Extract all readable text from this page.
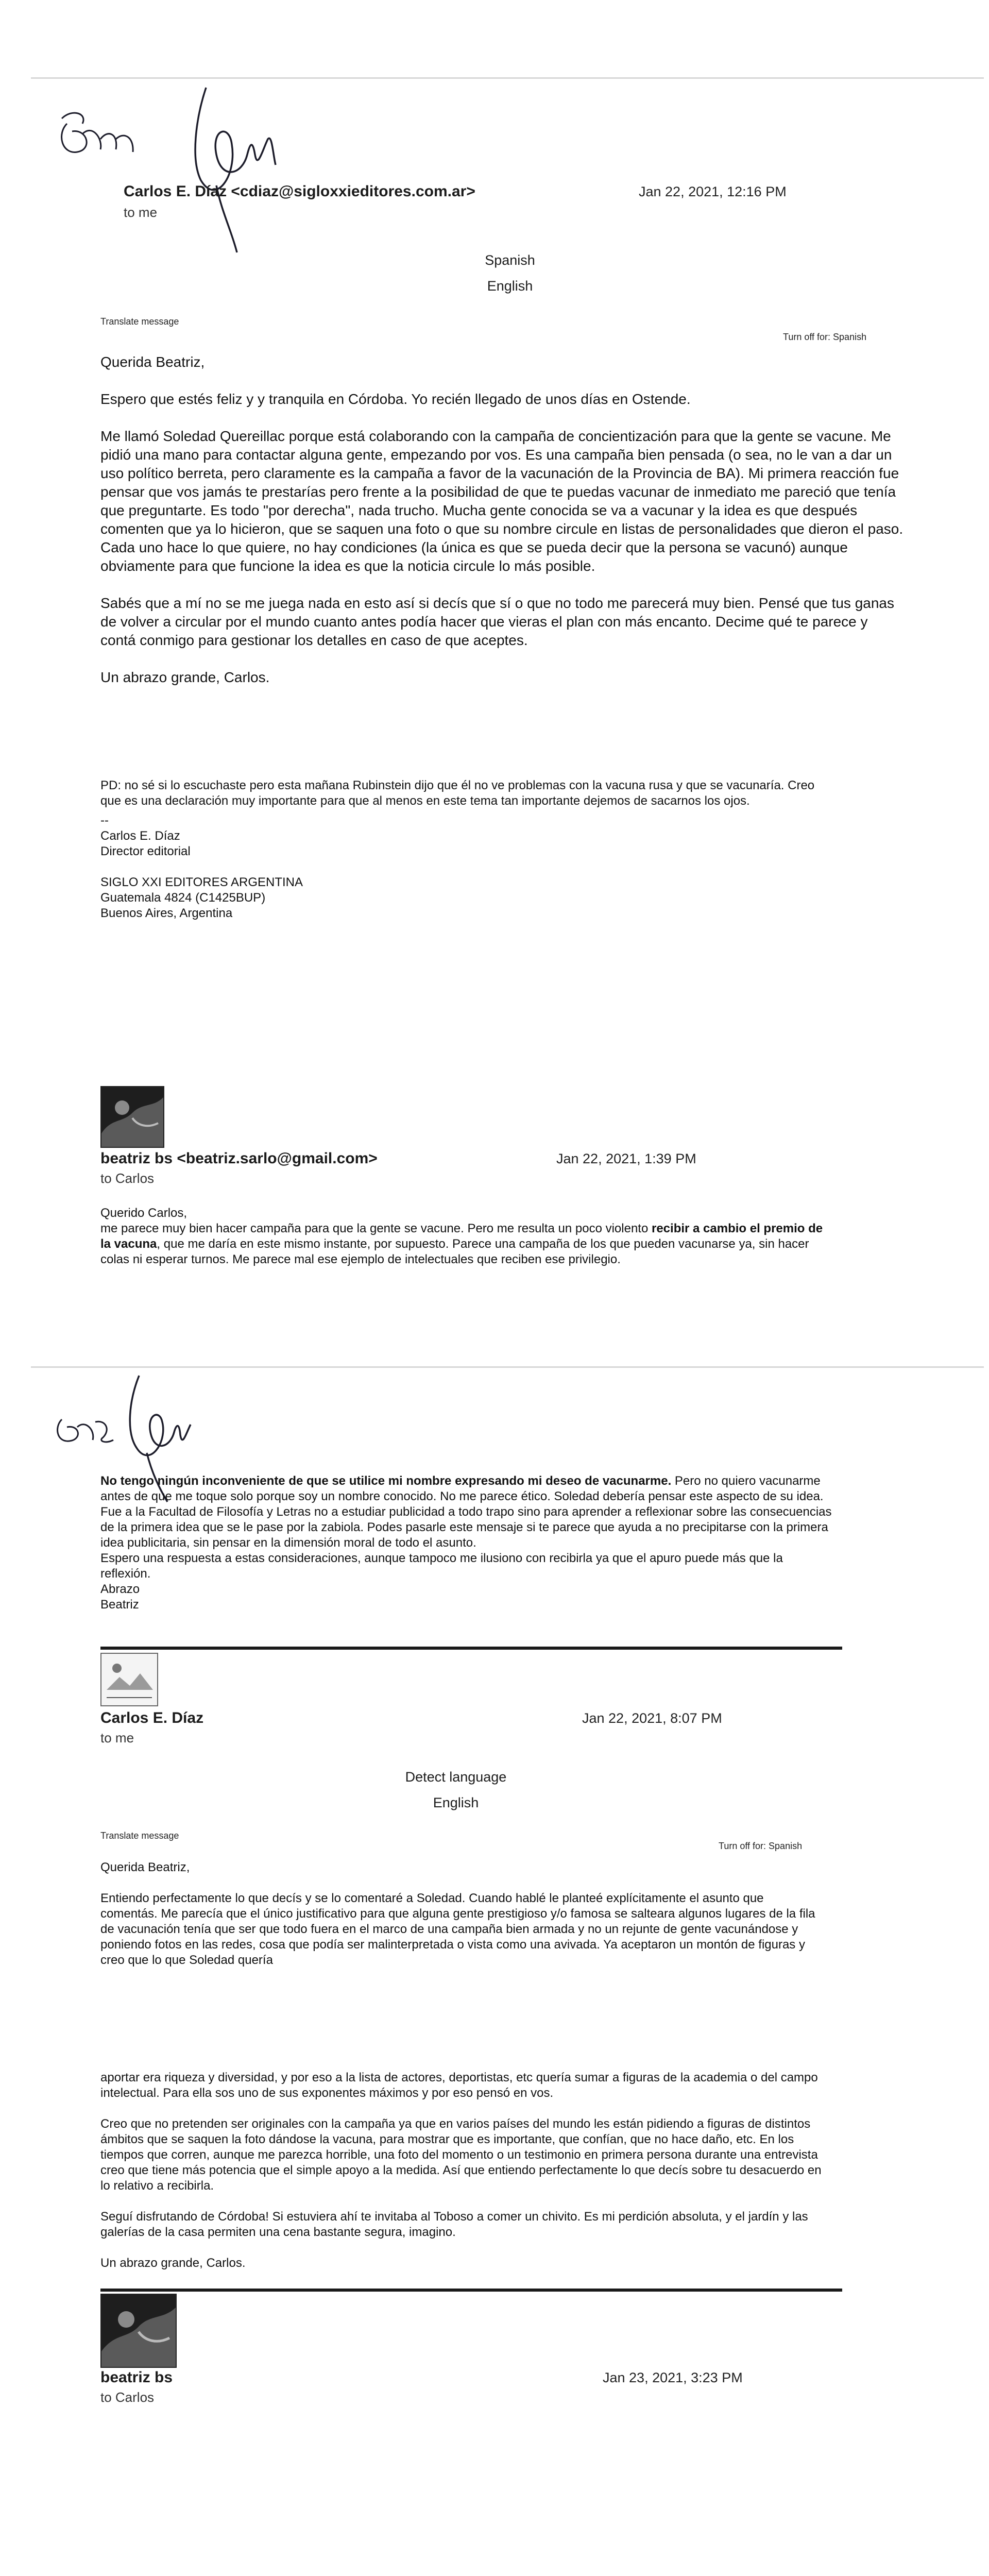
Carlos E. Díaz <cdiaz@sigloxxieditores.com.ar>	Jan 22, 2021, 12:16 PM
to me
Spanish
English
Translate message
Turn off for: Spanish

Querida Beatriz,

Espero que estés feliz y y tranquila en Córdoba. Yo recién llegado de unos días en Ostende.

Me llamó Soledad Quereillac porque está colaborando con la campaña de concientización para que la gente se vacune. Me pidió una mano para contactar alguna gente, empezando por vos. Es una campaña bien pensada (o sea, no le van a dar un uso político berreta, pero claramente es la campaña a favor de la vacunación de la Provincia de BA). Mi primera reacción fue pensar que vos jamás te prestarías pero frente a la posibilidad de que te puedas vacunar de inmediato me pareció que tenía que preguntarte. Es todo "por derecha", nada trucho. Mucha gente conocida se va a vacunar y la idea es que después comenten que ya lo hicieron, que se saquen una foto o que su nombre circule en listas de personalidades que dieron el paso. Cada uno hace lo que quiere, no hay condiciones (la única es que se pueda decir que la persona se vacunó) aunque obviamente para que funcione la idea es que la noticia circule lo más posible.

Sabés que a mí no se me juega nada en esto así si decís que sí o que no todo me parecerá muy bien. Pensé que tus ganas de volver a circular por el mundo cuanto antes podía hacer que vieras el plan con más encanto. Decime qué te parece y contá conmigo para gestionar los detalles en caso de que aceptes.

Un abrazo grande, Carlos.

PD: no sé si lo escuchaste pero esta mañana Rubinstein dijo que él no ve problemas con la vacuna rusa y que se vacunaría. Creo que es una declaración muy importante para que al menos en este tema tan importante dejemos de sacarnos los ojos.

--

Carlos E. Díaz

Director editorial

SIGLO XXI EDITORES ARGENTINA

Guatemala 4824 (C1425BUP)

Buenos Aires, Argentina

beatriz bs <beatriz.sarlo@gmail.com>	Jan 22, 2021, 1:39 PM
to Carlos

Querido Carlos,

me parece muy bien hacer campaña para que la gente se vacune. Pero me resulta un poco violento recibir a cambio el premio de la vacuna, que me daría en este mismo instante, por supuesto. Parece una campaña de los que pueden vacunarse ya, sin hacer colas ni esperar turnos. Me parece mal ese ejemplo de intelectuales que reciben ese privilegio.

No tengo ningún inconveniente de que se utilice mi nombre expresando mi deseo de vacunarme. Pero no quiero vacunarme antes de que me toque solo porque soy un nombre conocido. No me parece ético. Soledad debería pensar este aspecto de su idea. Fue a la Facultad de Filosofía y Letras no a estudiar publicidad a todo trapo sino para aprender a reflexionar sobre las consecuencias de la primera idea que se le pase por la zabiola. Podes pasarle este mensaje si te parece que ayuda a no precipitarse con la primera idea publicitaria, sin pensar en la dimensión moral de todo el asunto.

Espero una respuesta a estas consideraciones, aunque tampoco me ilusiono con recibirla ya que el apuro puede más que la reflexión.

Abrazo

Beatriz

Carlos E. Díaz	Jan 22, 2021, 8:07 PM
to me
Detect language
English
Translate message
Turn off for: Spanish

Querida Beatriz,

Entiendo perfectamente lo que decís y se lo comentaré a Soledad. Cuando hablé le planteé explícitamente el asunto que comentás. Me parecía que el único justificativo para que alguna gente prestigioso y/o famosa se salteara algunos lugares de la fila de vacunación tenía que ser que todo fuera en el marco de una campaña bien armada y no un rejunte de gente vacunándose y poniendo fotos en las redes, cosa que podía ser malinterpretada o vista como una avivada. Ya aceptaron un montón de figuras y creo que lo que Soledad quería

aportar era riqueza y diversidad, y por eso a la lista de actores, deportistas, etc quería sumar a figuras de la academia o del campo intelectual. Para ella sos uno de sus exponentes máximos y por eso pensó en vos.

Creo que no pretenden ser originales con la campaña ya que en varios países del mundo les están pidiendo a figuras de distintos ámbitos que se saquen la foto dándose la vacuna, para mostrar que es importante, que confían, que no hace daño, etc. En los tiempos que corren, aunque me parezca horrible, una foto del momento o un testimonio en primera persona durante una entrevista creo que tiene más potencia que el simple apoyo a la medida. Así que entiendo perfectamente lo que decís sobre tu desacuerdo en lo relativo a recibirla.

Seguí disfrutando de Córdoba! Si estuviera ahí te invitaba al Toboso a comer un chivito. Es mi perdición absoluta, y el jardín y las galerías de la casa permiten una cena bastante segura, imagino.

Un abrazo grande, Carlos.

beatriz bs	Jan 23, 2021, 3:23 PM
to Carlos
